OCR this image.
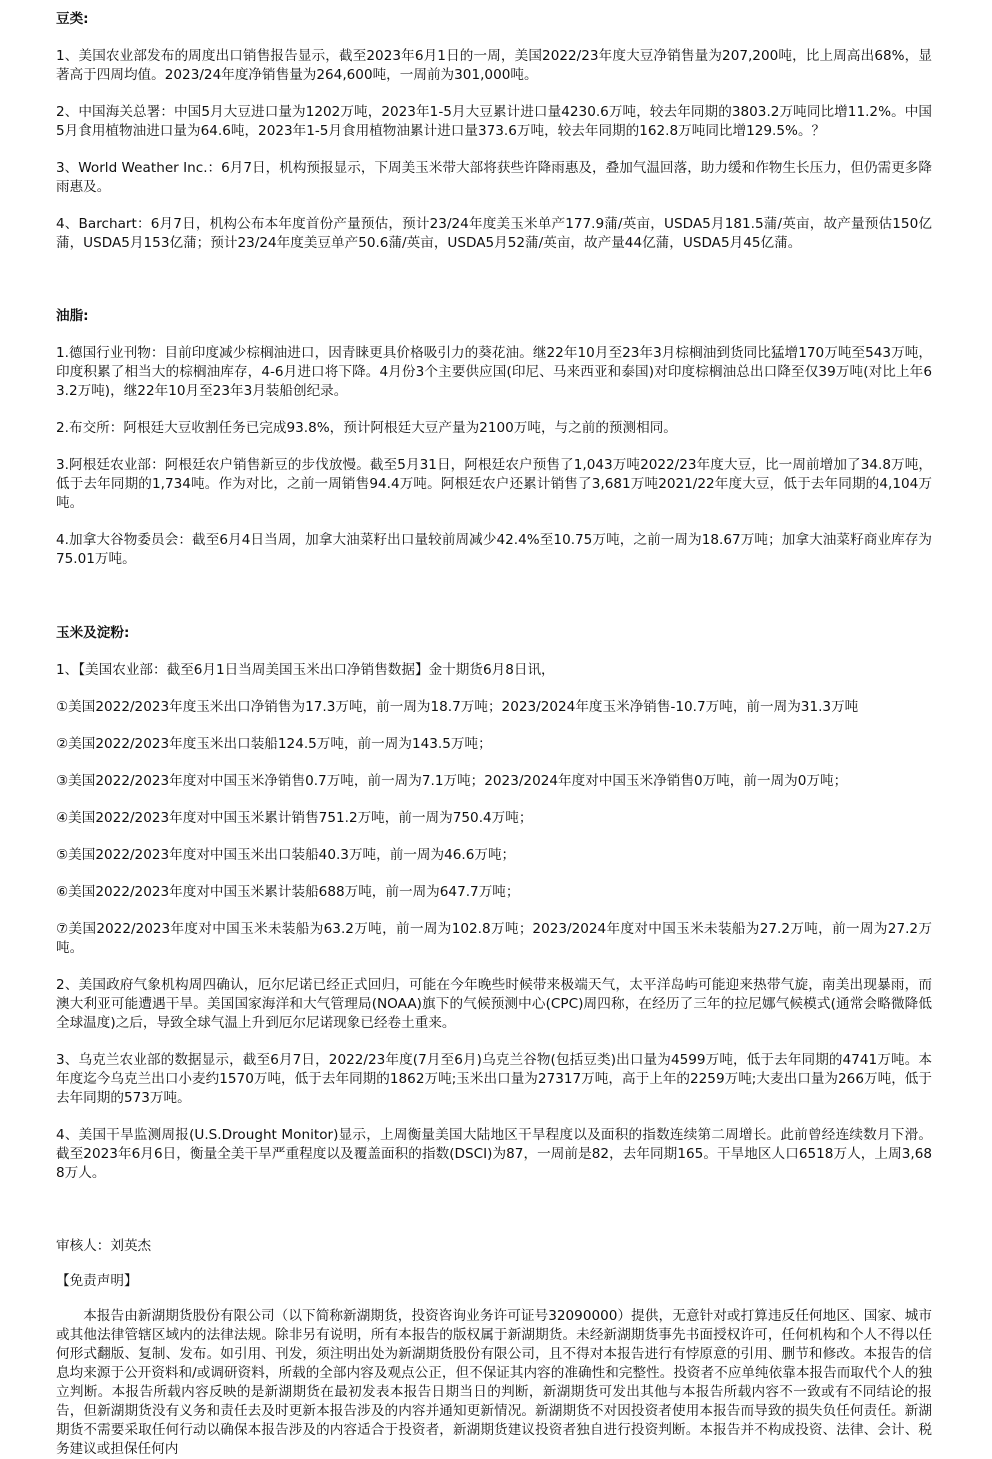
豆类:

1、美国农业部发布的周度出口销售报告显示，截至2023年6月1日的一周，美国2022/23年度大豆净销售量为207,200吨，比上周高出68%，显著高于四周均值。2023/24年度净销售量为264,600吨，一周前为301,000吨。

2、中国海关总署：中国5月大豆进口量为1202万吨，2023年1-5月大豆累计进口量4230.6万吨，较去年同期的3803.2万吨同比增11.2%。中国5月食用植物油进口量为64.6吨，2023年1-5月食用植物油累计进口量373.6万吨，较去年同期的162.8万吨同比增129.5%。？

3、World Weather Inc.：6月7日，机构预报显示，下周美玉米带大部将获些许降雨惠及，叠加气温回落，助力缓和作物生长压力，但仍需更多降雨惠及。

4、Barchart：6月7日，机构公布本年度首份产量预估，预计23/24年度美玉米单产177.9蒲/英亩，USDA5月181.5蒲/英亩，故产量预估150亿蒲，USDA5月153亿蒲；预计23/24年度美豆单产50.6蒲/英亩，USDA5月52蒲/英亩，故产量44亿蒲，USDA5月45亿蒲。

油脂:

1.德国行业刊物：目前印度减少棕榈油进口，因青睐更具价格吸引力的葵花油。继22年10月至23年3月棕榈油到货同比猛增170万吨至543万吨，印度积累了相当大的棕榈油库存，4-6月进口将下降。4月份3个主要供应国(印尼、马来西亚和泰国)对印度棕榈油总出口降至仅39万吨(对比上年63.2万吨)，继22年10月至23年3月装船创纪录。

2.布交所：阿根廷大豆收割任务已完成93.8%，预计阿根廷大豆产量为2100万吨，与之前的预测相同。

3.阿根廷农业部：阿根廷农户销售新豆的步伐放慢。截至5月31日，阿根廷农户预售了1,043万吨2022/23年度大豆，比一周前增加了34.8万吨，低于去年同期的1,734吨。作为对比，之前一周销售94.4万吨。阿根廷农户还累计销售了3,681万吨2021/22年度大豆，低于去年同期的4,104万吨。

4.加拿大谷物委员会：截至6月4日当周，加拿大油菜籽出口量较前周减少42.4%至10.75万吨，之前一周为18.67万吨；加拿大油菜籽商业库存为75.01万吨。

玉米及淀粉:

1、【美国农业部：截至6月1日当周美国玉米出口净销售数据】金十期货6月8日讯，

①美国2022/2023年度玉米出口净销售为17.3万吨，前一周为18.7万吨；2023/2024年度玉米净销售-10.7万吨，前一周为31.3万吨

②美国2022/2023年度玉米出口装船124.5万吨，前一周为143.5万吨；

③美国2022/2023年度对中国玉米净销售0.7万吨，前一周为7.1万吨；2023/2024年度对中国玉米净销售0万吨，前一周为0万吨；

④美国2022/2023年度对中国玉米累计销售751.2万吨，前一周为750.4万吨；

⑤美国2022/2023年度对中国玉米出口装船40.3万吨，前一周为46.6万吨；

⑥美国2022/2023年度对中国玉米累计装船688万吨，前一周为647.7万吨；

⑦美国2022/2023年度对中国玉米未装船为63.2万吨，前一周为102.8万吨；2023/2024年度对中国玉米未装船为27.2万吨，前一周为27.2万吨。

2、美国政府气象机构周四确认，厄尔尼诺已经正式回归，可能在今年晚些时候带来极端天气，太平洋岛屿可能迎来热带气旋，南美出现暴雨，而澳大利亚可能遭遇干旱。美国国家海洋和大气管理局(NOAA)旗下的气候预测中心(CPC)周四称，在经历了三年的拉尼娜气候模式(通常会略微降低全球温度)之后，导致全球气温上升到厄尔尼诺现象已经卷土重来。

3、乌克兰农业部的数据显示，截至6月7日，2022/23年度(7月至6月)乌克兰谷物(包括豆类)出口量为4599万吨，低于去年同期的4741万吨。本年度迄今乌克兰出口小麦约1570万吨，低于去年同期的1862万吨;玉米出口量为27317万吨，高于上年的2259万吨;大麦出口量为266万吨，低于去年同期的573万吨。

4、美国干旱监测周报(U.S.Drought Monitor)显示，上周衡量美国大陆地区干旱程度以及面积的指数连续第二周增长。此前曾经连续数月下滑。截至2023年6月6日，衡量全美干旱严重程度以及覆盖面积的指数(DSCI)为87，一周前是82，去年同期165。干旱地区人口6518万人，上周3,688万人。

审核人：刘英杰

【免责声明】

本报告由新湖期货股份有限公司（以下简称新湖期货，投资咨询业务许可证号32090000）提供，无意针对或打算违反任何地区、国家、城市或其他法律管辖区域内的法律法规。除非另有说明，所有本报告的版权属于新湖期货。未经新湖期货事先书面授权许可，任何机构和个人不得以任何形式翻版、复制、发布。如引用、刊发，须注明出处为新湖期货股份有限公司，且不得对本报告进行有悖原意的引用、删节和修改。本报告的信息均来源于公开资料和/或调研资料，所载的全部内容及观点公正，但不保证其内容的准确性和完整性。投资者不应单纯依靠本报告而取代个人的独立判断。本报告所载内容反映的是新湖期货在最初发表本报告日期当日的判断，新湖期货可发出其他与本报告所载内容不一致或有不同结论的报告，但新湖期货没有义务和责任去及时更新本报告涉及的内容并通知更新情况。新湖期货不对因投资者使用本报告而导致的损失负任何责任。新湖期货不需要采取任何行动以确保本报告涉及的内容适合于投资者，新湖期货建议投资者独自进行投资判断。本报告并不构成投资、法律、会计、税务建议或担保任何内
